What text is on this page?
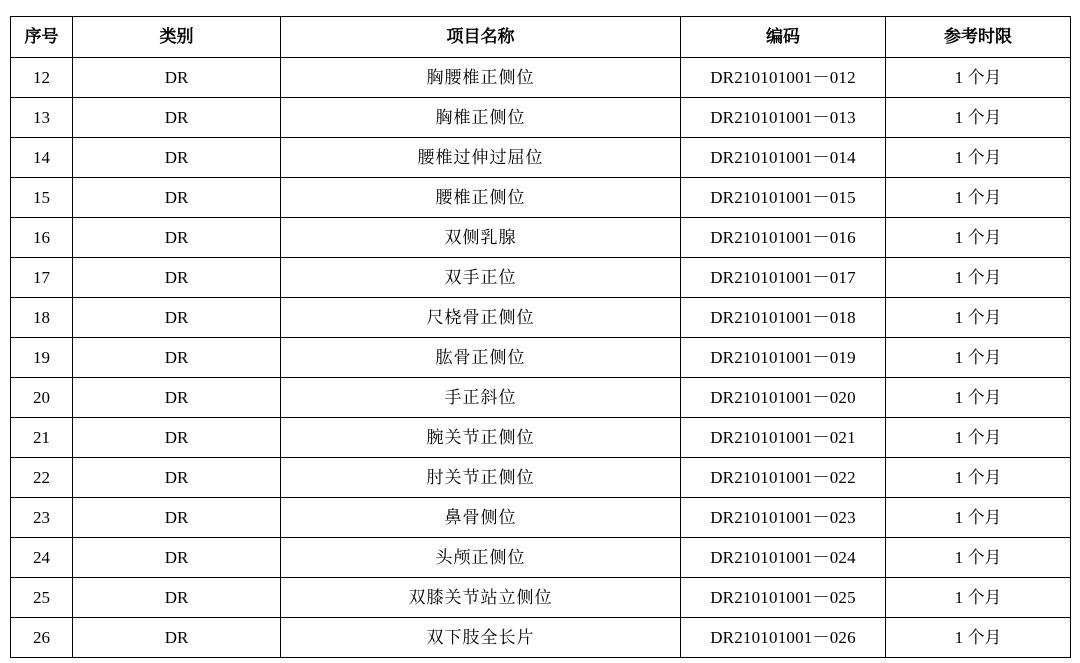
序号	类别	项目名称	编码	参考时限
12	DR	胸腰椎正侧位	DR210101001－012	1 个月
13	DR	胸椎正侧位	DR210101001－013	1 个月
14	DR	腰椎过伸过屈位	DR210101001－014	1 个月
15	DR	腰椎正侧位	DR210101001－015	1 个月
16	DR	双侧乳腺	DR210101001－016	1 个月
17	DR	双手正位	DR210101001－017	1 个月
18	DR	尺桡骨正侧位	DR210101001－018	1 个月
19	DR	肱骨正侧位	DR210101001－019	1 个月
20	DR	手正斜位	DR210101001－020	1 个月
21	DR	腕关节正侧位	DR210101001－021	1 个月
22	DR	肘关节正侧位	DR210101001－022	1 个月
23	DR	鼻骨侧位	DR210101001－023	1 个月
24	DR	头颅正侧位	DR210101001－024	1 个月
25	DR	双膝关节站立侧位	DR210101001－025	1 个月
26	DR	双下肢全长片	DR210101001－026	1 个月
